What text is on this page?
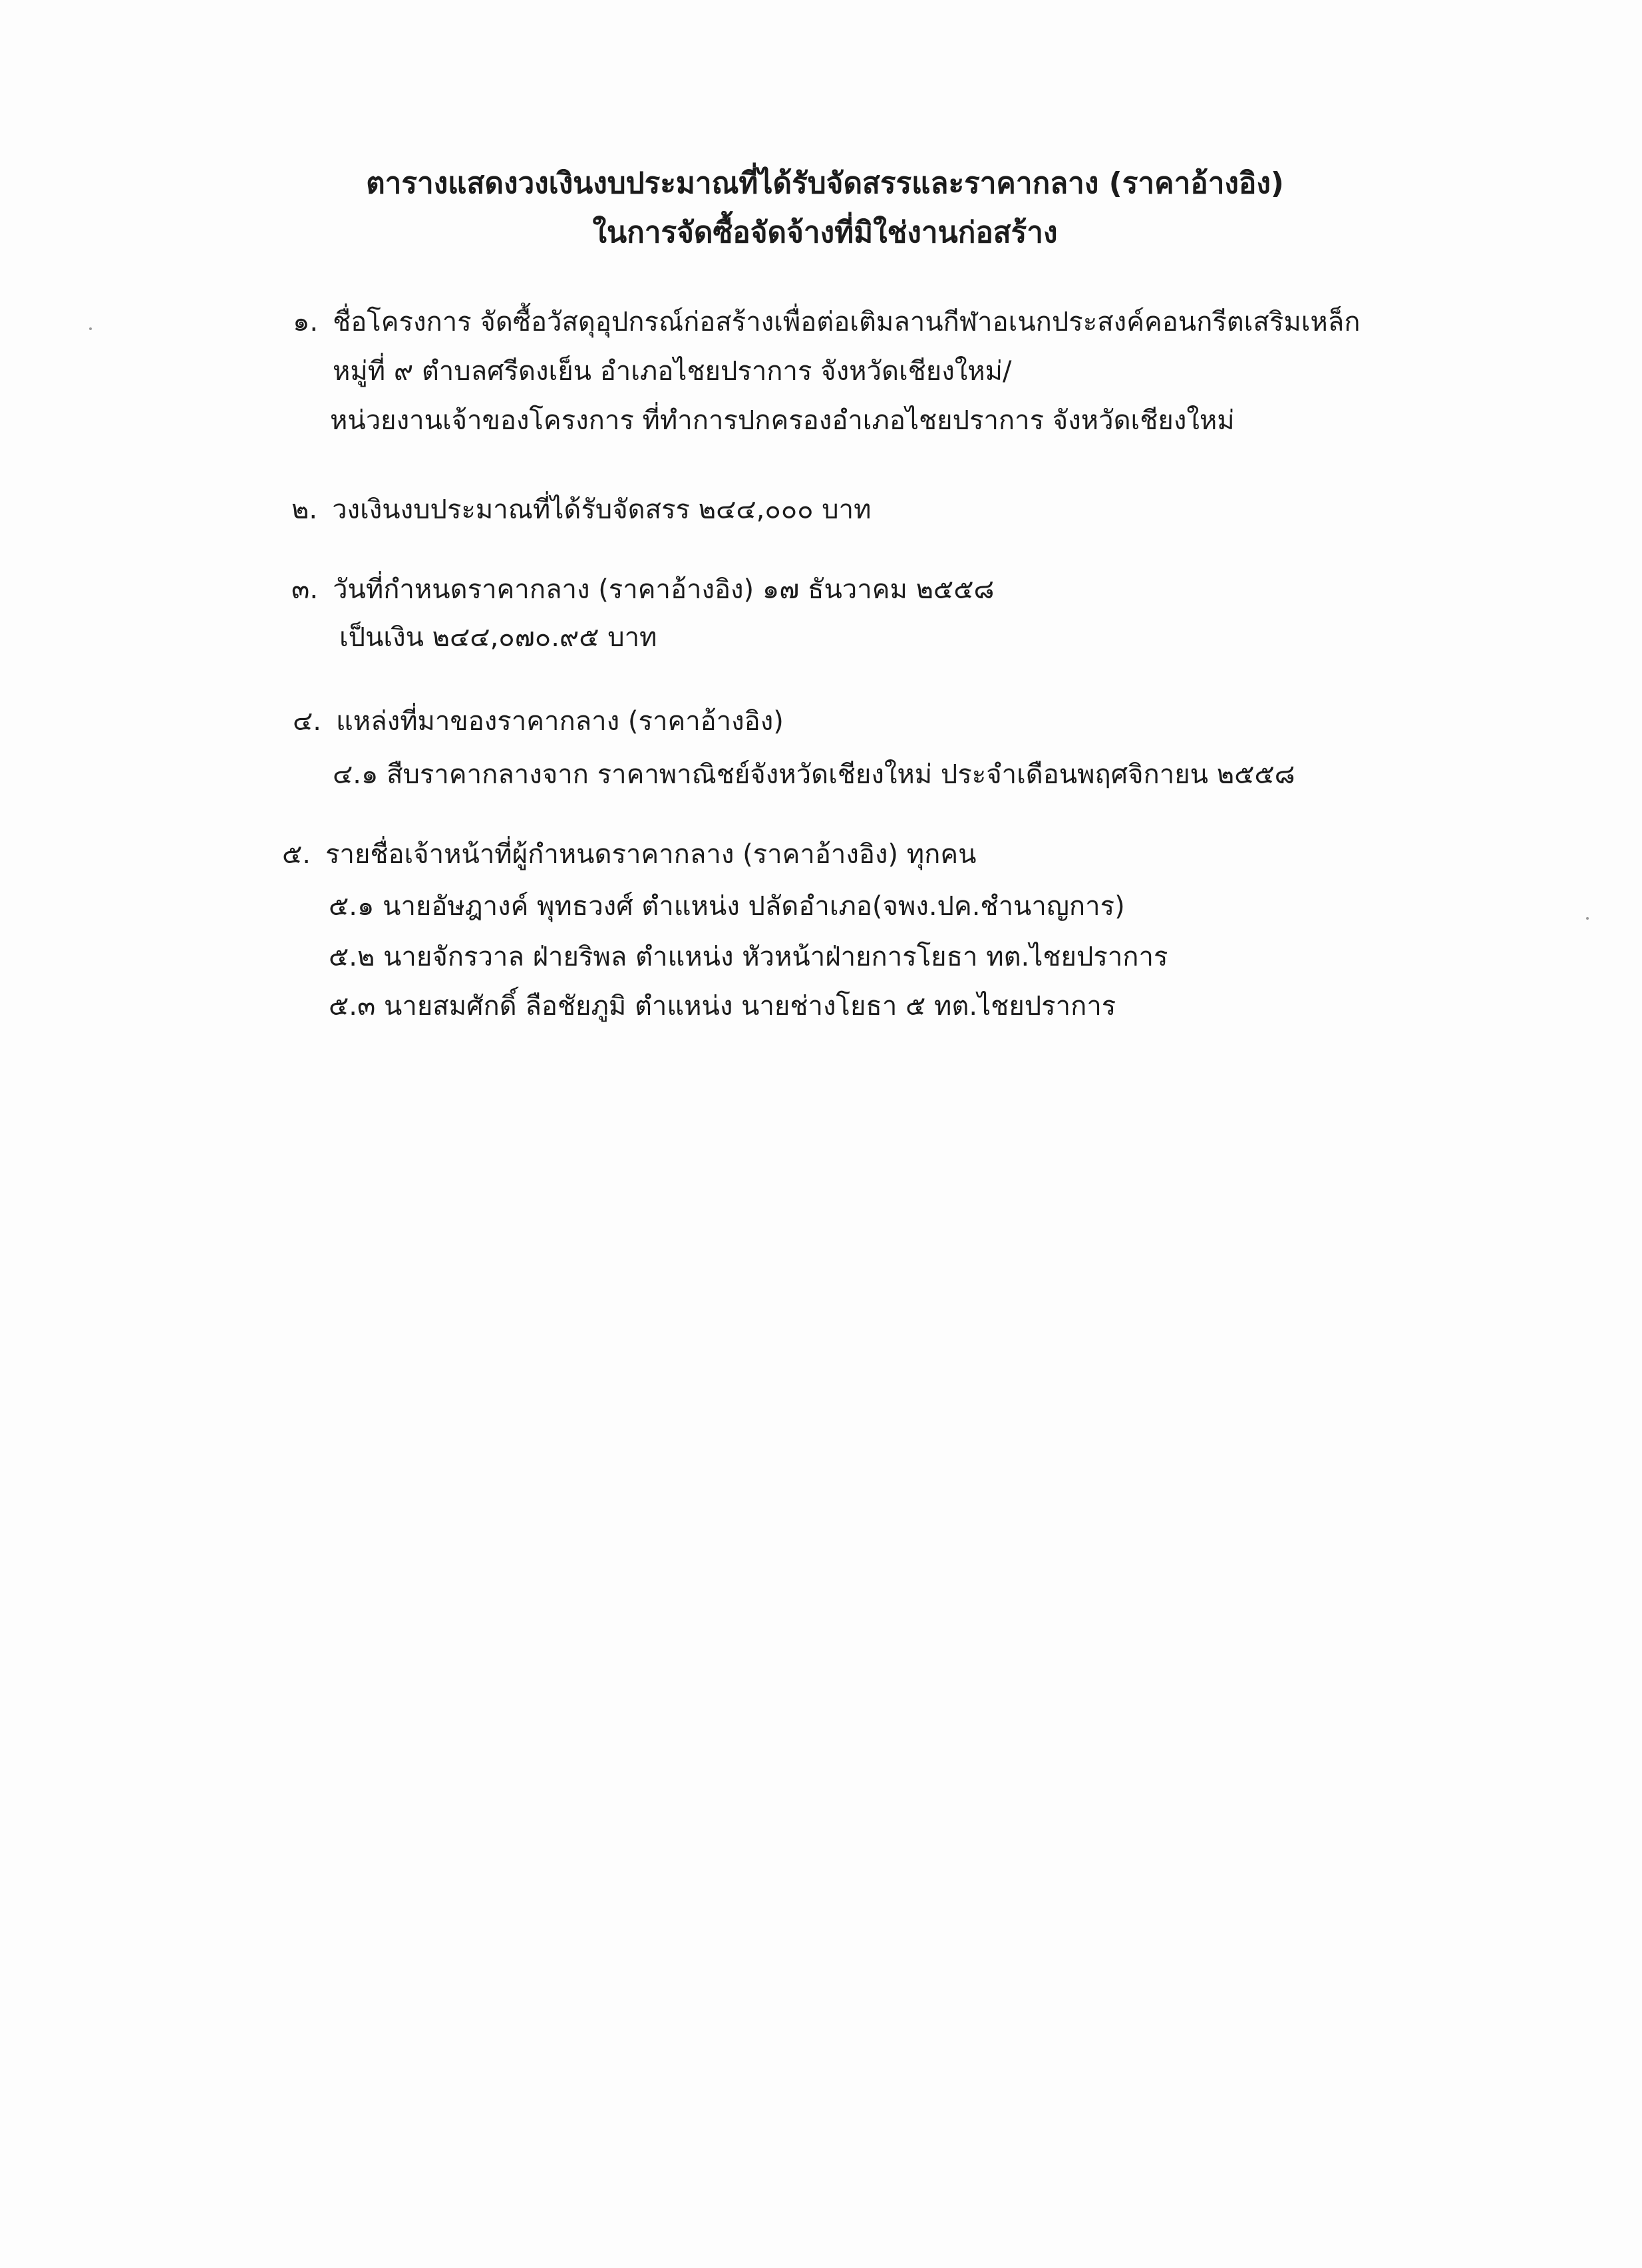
ตารางแสดงวงเงินงบประมาณที่ได้รับจัดสรรและราคากลาง (ราคาอ้างอิง)
ในการจัดซื้อจัดจ้างที่มิใช่งานก่อสร้าง
๑. ชื่อโครงการ จัดซื้อวัสดุอุปกรณ์ก่อสร้างเพื่อต่อเติมลานกีฬาอเนกประสงค์คอนกรีตเสริมเหล็ก
หมู่ที่ ๙ ตำบลศรีดงเย็น อำเภอไชยปราการ จังหวัดเชียงใหม่/
หน่วยงานเจ้าของโครงการ ที่ทำการปกครองอำเภอไชยปราการ จังหวัดเชียงใหม่
๒. วงเงินงบประมาณที่ได้รับจัดสรร ๒๔๔,๐๐๐ บาท
๓. วันที่กำหนดราคากลาง (ราคาอ้างอิง) ๑๗ ธันวาคม ๒๕๕๘
เป็นเงิน ๒๔๔,๐๗๐.๙๕ บาท
๔. แหล่งที่มาของราคากลาง (ราคาอ้างอิง)
๔.๑ สืบราคากลางจาก ราคาพาณิชย์จังหวัดเชียงใหม่ ประจำเดือนพฤศจิกายน ๒๕๕๘
๕. รายชื่อเจ้าหน้าที่ผู้กำหนดราคากลาง (ราคาอ้างอิง) ทุกคน
๕.๑ นายอัษฎางค์ พุทธวงศ์ ตำแหน่ง ปลัดอำเภอ(จพง.ปค.ชำนาญการ)
๕.๒ นายจักรวาล ฝ่ายริพล ตำแหน่ง หัวหน้าฝ่ายการโยธา ทต.ไชยปราการ
๕.๓ นายสมศักดิ์ ลือชัยภูมิ ตำแหน่ง นายช่างโยธา ๕ ทต.ไชยปราการ
